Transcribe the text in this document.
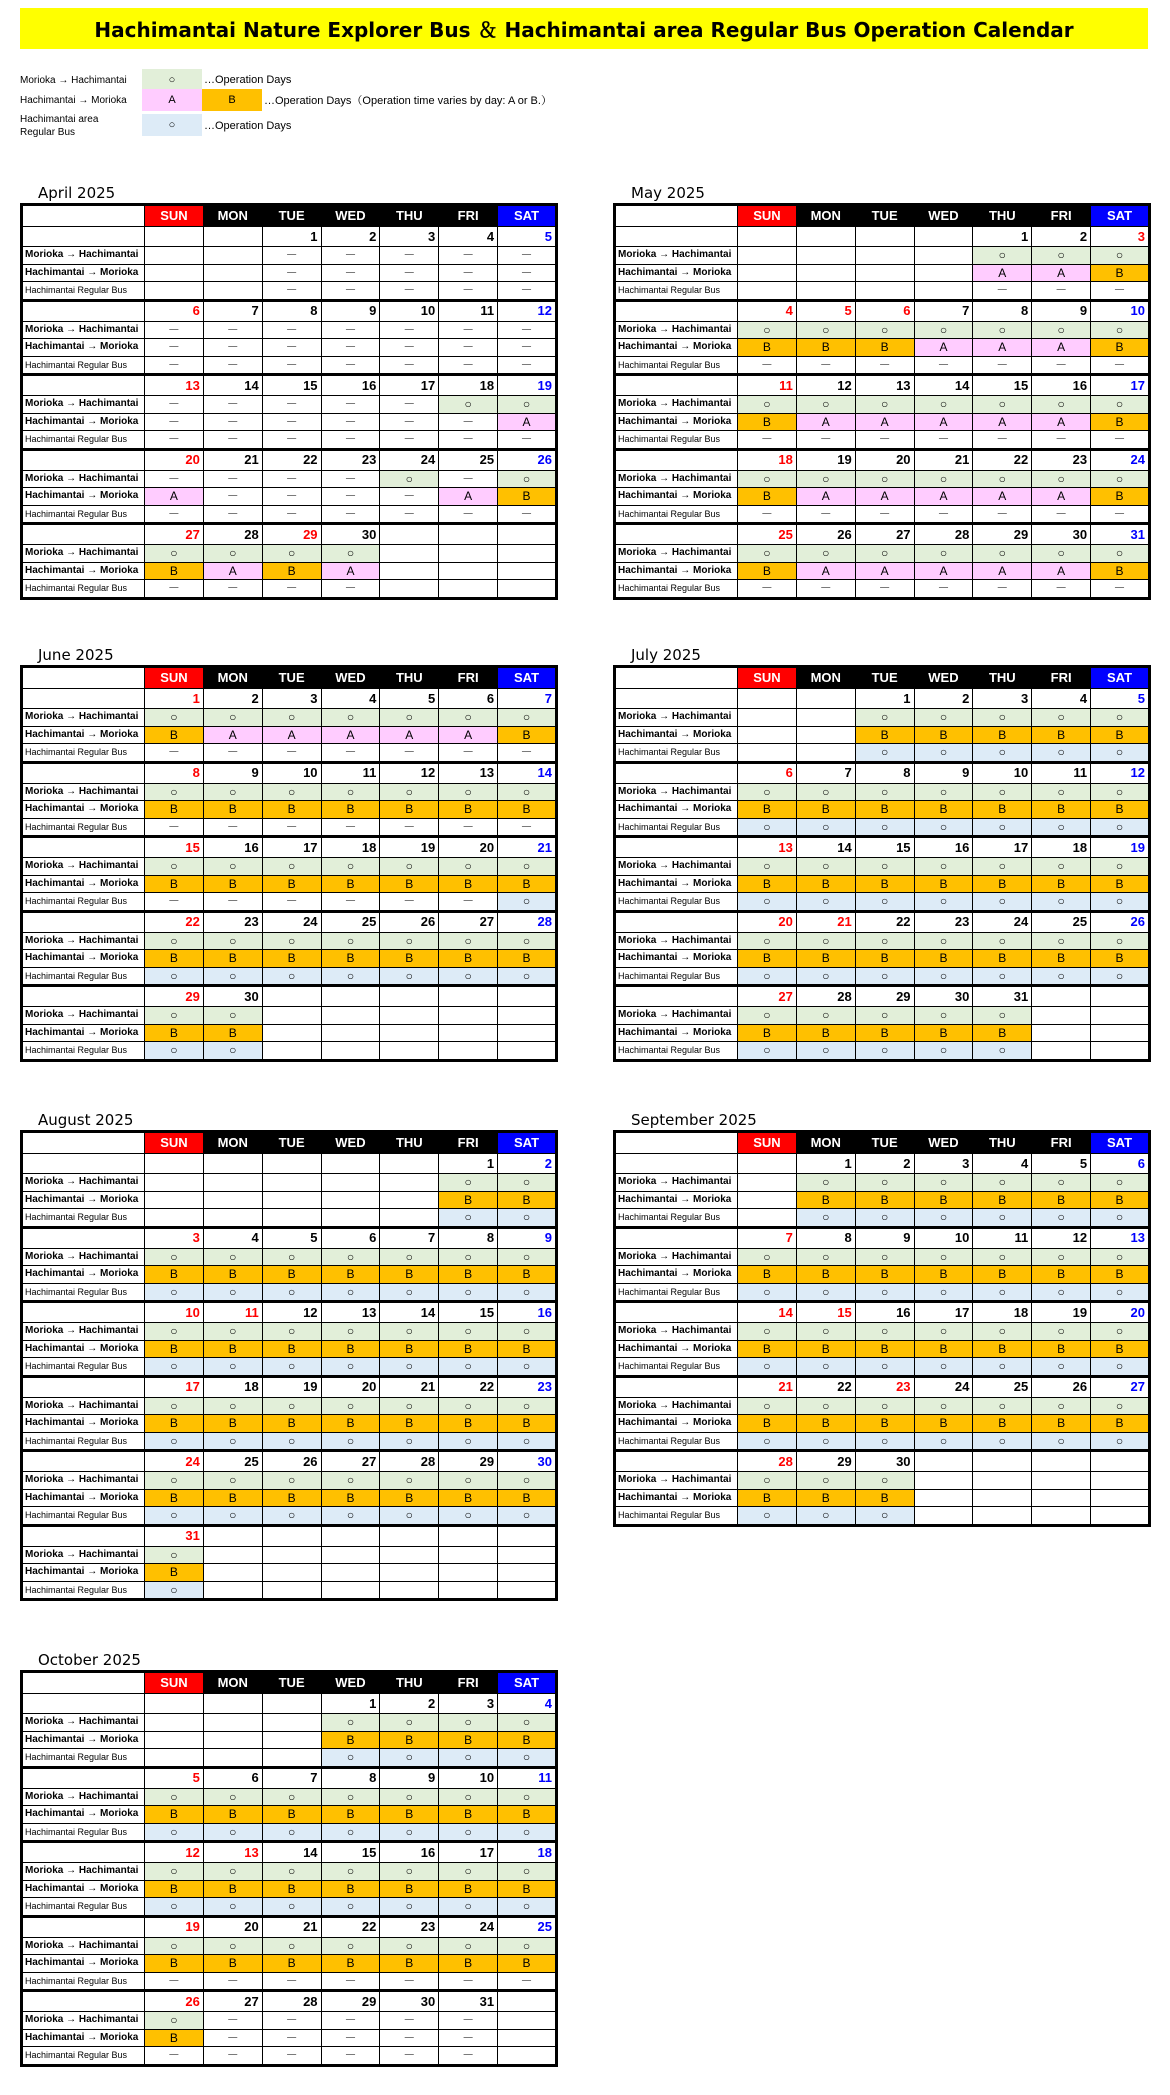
Hachimantai Nature Explorer Bus ＆ Hachimantai area Regular Bus Operation Calendar
Morioka → Hachimantai	○	…Operation Days
Hachimantai → Morioka	A	B	…Operation Days（Operation time varies by day: A or B.）
Hachimantai area Regular Bus
○	…Operation Days
April 2025
	SUN	MON	TUE	WED	THU	FRI	SAT
			1	2	3	4	5
Morioka → Hachimantai			－	－	－	－	－
Hachimantai → Morioka			－	－	－	－	－
Hachimantai Regular Bus			－	－	－	－	－
	6	7	8	9	10	11	12
Morioka → Hachimantai	－	－	－	－	－	－	－
Hachimantai → Morioka	－	－	－	－	－	－	－
Hachimantai Regular Bus	－	－	－	－	－	－	－
	13	14	15	16	17	18	19
Morioka → Hachimantai	－	－	－	－	－	○	○
Hachimantai → Morioka	－	－	－	－	－	－	A
Hachimantai Regular Bus	－	－	－	－	－	－	－
	20	21	22	23	24	25	26
Morioka → Hachimantai	－	－	－	－	○	－	○
Hachimantai → Morioka	A	－	－	－	－	A	B
Hachimantai Regular Bus	－	－	－	－	－	－	－
	27	28	29	30			
Morioka → Hachimantai	○	○	○	○			
Hachimantai → Morioka	B	A	B	A			
Hachimantai Regular Bus	－	－	－	－			
May 2025
	SUN	MON	TUE	WED	THU	FRI	SAT
					1	2	3
Morioka → Hachimantai					○	○	○
Hachimantai → Morioka					A	A	B
Hachimantai Regular Bus					－	－	－
	4	5	6	7	8	9	10
Morioka → Hachimantai	○	○	○	○	○	○	○
Hachimantai → Morioka	B	B	B	A	A	A	B
Hachimantai Regular Bus	－	－	－	－	－	－	－
	11	12	13	14	15	16	17
Morioka → Hachimantai	○	○	○	○	○	○	○
Hachimantai → Morioka	B	A	A	A	A	A	B
Hachimantai Regular Bus	－	－	－	－	－	－	－
	18	19	20	21	22	23	24
Morioka → Hachimantai	○	○	○	○	○	○	○
Hachimantai → Morioka	B	A	A	A	A	A	B
Hachimantai Regular Bus	－	－	－	－	－	－	－
	25	26	27	28	29	30	31
Morioka → Hachimantai	○	○	○	○	○	○	○
Hachimantai → Morioka	B	A	A	A	A	A	B
Hachimantai Regular Bus	－	－	－	－	－	－	－
June 2025
	SUN	MON	TUE	WED	THU	FRI	SAT
	1	2	3	4	5	6	7
Morioka → Hachimantai	○	○	○	○	○	○	○
Hachimantai → Morioka	B	A	A	A	A	A	B
Hachimantai Regular Bus	－	－	－	－	－	－	－
	8	9	10	11	12	13	14
Morioka → Hachimantai	○	○	○	○	○	○	○
Hachimantai → Morioka	B	B	B	B	B	B	B
Hachimantai Regular Bus	－	－	－	－	－	－	－
	15	16	17	18	19	20	21
Morioka → Hachimantai	○	○	○	○	○	○	○
Hachimantai → Morioka	B	B	B	B	B	B	B
Hachimantai Regular Bus	－	－	－	－	－	－	○
	22	23	24	25	26	27	28
Morioka → Hachimantai	○	○	○	○	○	○	○
Hachimantai → Morioka	B	B	B	B	B	B	B
Hachimantai Regular Bus	○	○	○	○	○	○	○
	29	30					
Morioka → Hachimantai	○	○					
Hachimantai → Morioka	B	B					
Hachimantai Regular Bus	○	○					
July 2025
	SUN	MON	TUE	WED	THU	FRI	SAT
			1	2	3	4	5
Morioka → Hachimantai			○	○	○	○	○
Hachimantai → Morioka			B	B	B	B	B
Hachimantai Regular Bus			○	○	○	○	○
	6	7	8	9	10	11	12
Morioka → Hachimantai	○	○	○	○	○	○	○
Hachimantai → Morioka	B	B	B	B	B	B	B
Hachimantai Regular Bus	○	○	○	○	○	○	○
	13	14	15	16	17	18	19
Morioka → Hachimantai	○	○	○	○	○	○	○
Hachimantai → Morioka	B	B	B	B	B	B	B
Hachimantai Regular Bus	○	○	○	○	○	○	○
	20	21	22	23	24	25	26
Morioka → Hachimantai	○	○	○	○	○	○	○
Hachimantai → Morioka	B	B	B	B	B	B	B
Hachimantai Regular Bus	○	○	○	○	○	○	○
	27	28	29	30	31		
Morioka → Hachimantai	○	○	○	○	○		
Hachimantai → Morioka	B	B	B	B	B		
Hachimantai Regular Bus	○	○	○	○	○		
August 2025
	SUN	MON	TUE	WED	THU	FRI	SAT
						1	2
Morioka → Hachimantai						○	○
Hachimantai → Morioka						B	B
Hachimantai Regular Bus						○	○
	3	4	5	6	7	8	9
Morioka → Hachimantai	○	○	○	○	○	○	○
Hachimantai → Morioka	B	B	B	B	B	B	B
Hachimantai Regular Bus	○	○	○	○	○	○	○
	10	11	12	13	14	15	16
Morioka → Hachimantai	○	○	○	○	○	○	○
Hachimantai → Morioka	B	B	B	B	B	B	B
Hachimantai Regular Bus	○	○	○	○	○	○	○
	17	18	19	20	21	22	23
Morioka → Hachimantai	○	○	○	○	○	○	○
Hachimantai → Morioka	B	B	B	B	B	B	B
Hachimantai Regular Bus	○	○	○	○	○	○	○
	24	25	26	27	28	29	30
Morioka → Hachimantai	○	○	○	○	○	○	○
Hachimantai → Morioka	B	B	B	B	B	B	B
Hachimantai Regular Bus	○	○	○	○	○	○	○
	31						
Morioka → Hachimantai	○						
Hachimantai → Morioka	B						
Hachimantai Regular Bus	○						
September 2025
	SUN	MON	TUE	WED	THU	FRI	SAT
		1	2	3	4	5	6
Morioka → Hachimantai		○	○	○	○	○	○
Hachimantai → Morioka		B	B	B	B	B	B
Hachimantai Regular Bus		○	○	○	○	○	○
	7	8	9	10	11	12	13
Morioka → Hachimantai	○	○	○	○	○	○	○
Hachimantai → Morioka	B	B	B	B	B	B	B
Hachimantai Regular Bus	○	○	○	○	○	○	○
	14	15	16	17	18	19	20
Morioka → Hachimantai	○	○	○	○	○	○	○
Hachimantai → Morioka	B	B	B	B	B	B	B
Hachimantai Regular Bus	○	○	○	○	○	○	○
	21	22	23	24	25	26	27
Morioka → Hachimantai	○	○	○	○	○	○	○
Hachimantai → Morioka	B	B	B	B	B	B	B
Hachimantai Regular Bus	○	○	○	○	○	○	○
	28	29	30				
Morioka → Hachimantai	○	○	○				
Hachimantai → Morioka	B	B	B				
Hachimantai Regular Bus	○	○	○				
October 2025
	SUN	MON	TUE	WED	THU	FRI	SAT
				1	2	3	4
Morioka → Hachimantai				○	○	○	○
Hachimantai → Morioka				B	B	B	B
Hachimantai Regular Bus				○	○	○	○
	5	6	7	8	9	10	11
Morioka → Hachimantai	○	○	○	○	○	○	○
Hachimantai → Morioka	B	B	B	B	B	B	B
Hachimantai Regular Bus	○	○	○	○	○	○	○
	12	13	14	15	16	17	18
Morioka → Hachimantai	○	○	○	○	○	○	○
Hachimantai → Morioka	B	B	B	B	B	B	B
Hachimantai Regular Bus	○	○	○	○	○	○	○
	19	20	21	22	23	24	25
Morioka → Hachimantai	○	○	○	○	○	○	○
Hachimantai → Morioka	B	B	B	B	B	B	B
Hachimantai Regular Bus	－	－	－	－	－	－	－
	26	27	28	29	30	31	
Morioka → Hachimantai	○	－	－	－	－	－	
Hachimantai → Morioka	B	－	－	－	－	－	
Hachimantai Regular Bus	－	－	－	－	－	－	
